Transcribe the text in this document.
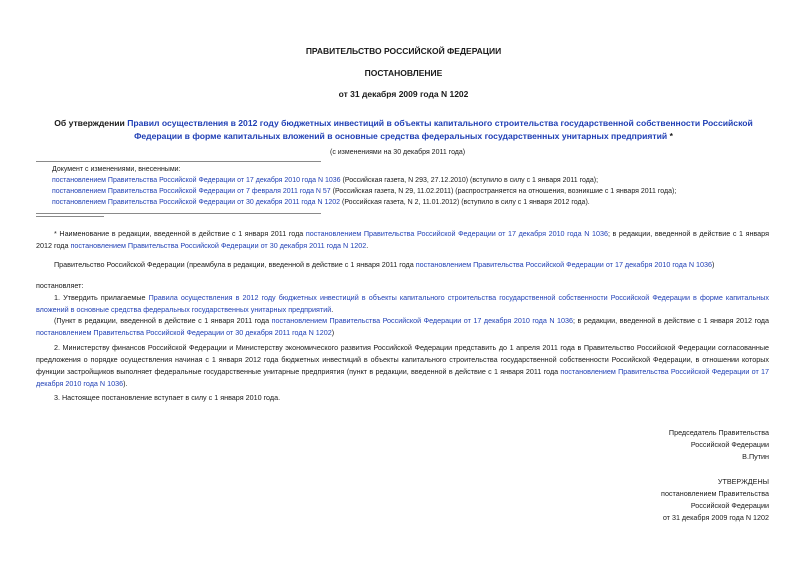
ПРАВИТЕЛЬСТВО РОССИЙСКОЙ ФЕДЕРАЦИИ
ПОСТАНОВЛЕНИЕ
от 31 декабря 2009 года N 1202
Об утверждении Правил осуществления в 2012 году бюджетных инвестиций в объекты капитального строительства государственной собственности Российской Федерации в форме капитальных вложений в основные средства федеральных государственных унитарных предприятий *
(с изменениями на 30 декабря 2011 года)
Документ с изменениями, внесенными:
постановлением Правительства Российской Федерации от 17 декабря 2010 года N 1036 (Российская газета, N 293, 27.12.2010) (вступило в силу с 1 января 2011 года);
постановлением Правительства Российской Федерации от 7 февраля 2011 года N 57 (Российская газета, N 29, 11.02.2011) (распространяется на отношения, возникшие с 1 января 2011 года);
постановлением Правительства Российской Федерации от 30 декабря 2011 года N 1202 (Российская газета, N 2, 11.01.2012) (вступило в силу с 1 января 2012 года).
* Наименование в редакции, введенной в действие с 1 января 2011 года постановлением Правительства Российской Федерации от 17 декабря 2010 года N 1036; в редакции, введенной в действие с 1 января 2012 года постановлением Правительства Российской Федерации от 30 декабря 2011 года N 1202.
Правительство Российской Федерации (преамбула в редакции, введенной в действие с 1 января 2011 года постановлением Правительства Российской Федерации от 17 декабря 2010 года N 1036)
постановляет:
1. Утвердить прилагаемые Правила осуществления в 2012 году бюджетных инвестиций в объекты капитального строительства государственной собственности Российской Федерации в форме капитальных вложений в основные средства федеральных государственных унитарных предприятий.
(Пункт в редакции, введенной в действие с 1 января 2011 года постановлением Правительства Российской Федерации от 17 декабря 2010 года N 1036; в редакции, введенной в действие с 1 января 2012 года постановлением Правительства Российской Федерации от 30 декабря 2011 года N 1202)
2. Министерству финансов Российской Федерации и Министерству экономического развития Российской Федерации представить до 1 апреля 2011 года в Правительство Российской Федерации согласованные предложения о порядке осуществления начиная с 1 января 2012 года бюджетных инвестиций в объекты капитального строительства государственной собственности Российской Федерации, в отношении которых функции застройщиков выполняет федеральные государственные унитарные предприятия (пункт в редакции, введенной в действие с 1 января 2011 года постановлением Правительства Российской Федерации от 17 декабря 2010 года N 1036).
3. Настоящее постановление вступает в силу с 1 января 2010 года.
Председатель Правительства
Российской Федерации
В.Путин
УТВЕРЖДЕНЫ
постановлением Правительства
Российской Федерации
от 31 декабря 2009 года N 1202
